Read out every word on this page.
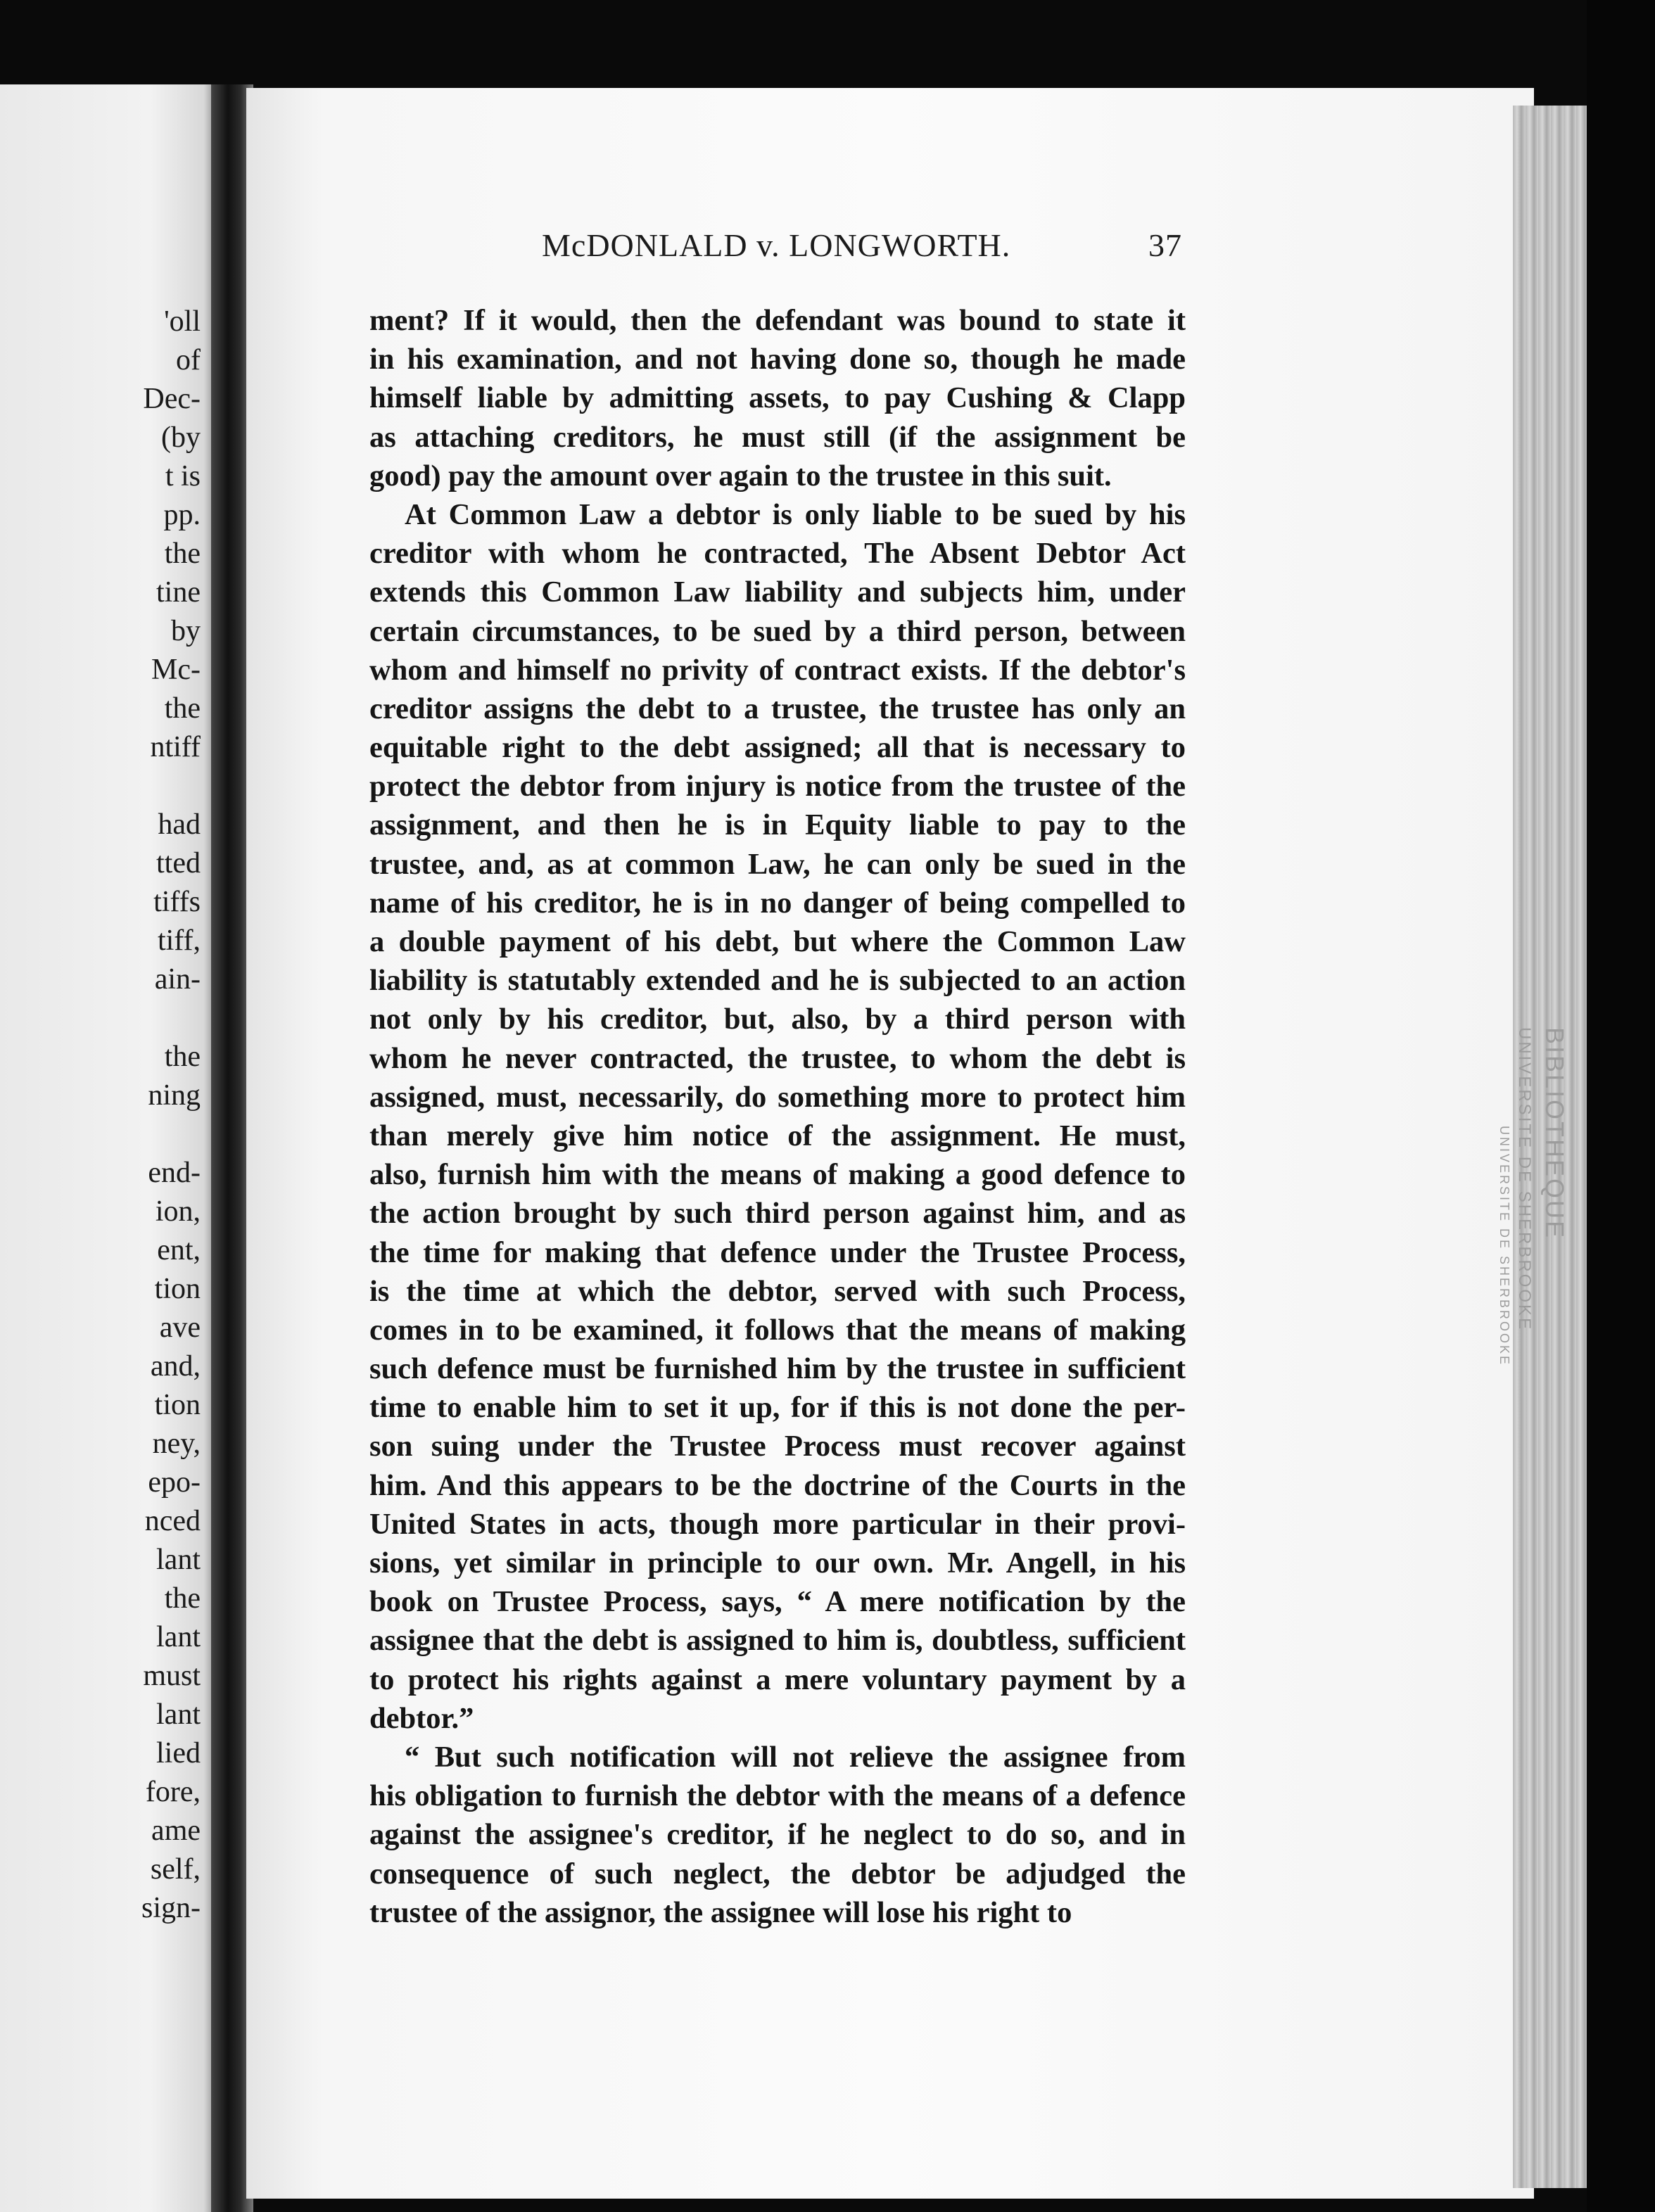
'oll
of
Dec-
(by
t is
pp.
the
tine
by
Mc-
the
ntiff
had
tted
tiffs
tiff,
ain-
the
ning
end-
ion,
ent,
tion
ave
and,
tion
ney,
epo-
nced
lant
the
lant
must
lant
lied
fore,
ame
self,
sign-
McDONLALD v. LONGWORTH.	37
ment? If it would, then the defendant was bound to state it
in his examination, and not having done so, though he made
himself liable by admitting assets, to pay Cushing & Clapp
as attaching creditors, he must still (if the assignment be
good) pay the amount over again to the trustee in this suit.
At Common Law a debtor is only liable to be sued by his
creditor with whom he contracted, The Absent Debtor Act
extends this Common Law liability and subjects him, under
certain circumstances, to be sued by a third person, between
whom and himself no privity of contract exists. If the debtor's
creditor assigns the debt to a trustee, the trustee has only an
equitable right to the debt assigned; all that is necessary to
protect the debtor from injury is notice from the trustee of the
assignment, and then he is in Equity liable to pay to the
trustee, and, as at common Law, he can only be sued in the
name of his creditor, he is in no danger of being compelled to
a double payment of his debt, but where the Common Law
liability is statutably extended and he is subjected to an action
not only by his creditor, but, also, by a third person with
whom he never contracted, the trustee, to whom the debt is
assigned, must, necessarily, do something more to protect him
than merely give him notice of the assignment. He must,
also, furnish him with the means of making a good defence to
the action brought by such third person against him, and as
the time for making that defence under the Trustee Process,
is the time at which the debtor, served with such Process,
comes in to be examined, it follows that the means of making
such defence must be furnished him by the trustee in sufficient
time to enable him to set it up, for if this is not done the per-
son suing under the Trustee Process must recover against
him. And this appears to be the doctrine of the Courts in the
United States in acts, though more particular in their provi-
sions, yet similar in principle to our own. Mr. Angell, in his
book on Trustee Process, says, “ A mere notification by the
assignee that the debt is assigned to him is, doubtless, sufficient
to protect his rights against a mere voluntary payment by a
debtor.”
“ But such notification will not relieve the assignee from
his obligation to furnish the debtor with the means of a defence
against the assignee's creditor, if he neglect to do so, and in
consequence of such neglect, the debtor be adjudged the
trustee of the assignor, the assignee will lose his right to
BIBLIOTHEQUE
UNIVERSITE DE SHERBROOKE
UNIVERSITE DE SHERBROOKE
